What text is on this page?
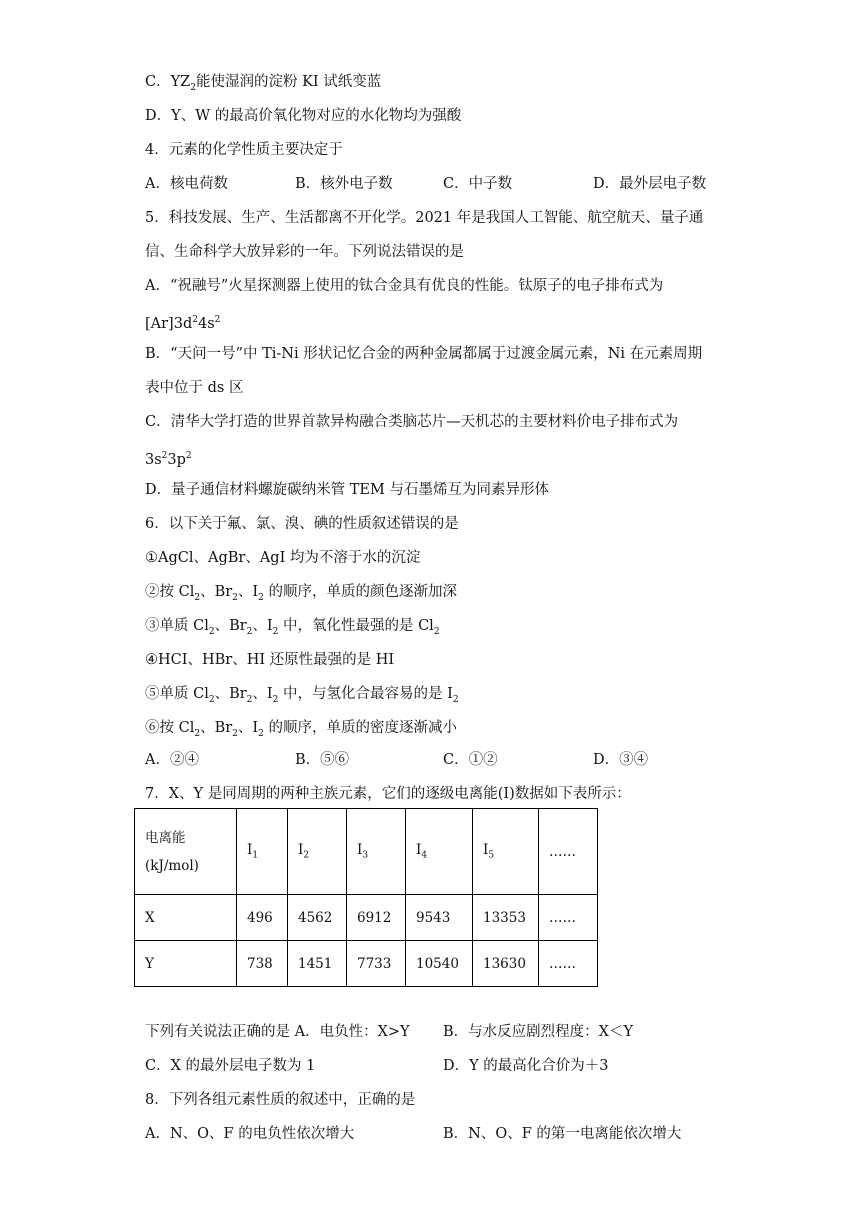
C．$YZ_2$能使湿润的淀粉 KI 试纸变蓝
D．Y、W 的最高价氧化物对应的水化物均为强酸
4．元素的化学性质主要决定于
A．核电荷数	B．核外电子数	C．中子数	D．最外层电子数
5．科技发展、生产、生活都离不开化学。2021 年是我国人工智能、航空航天、量子通
信、生命科学大放异彩的一年。下列说法错误的是
A．“祝融号”火星探测器上使用的钛合金具有优良的性能。钛原子的电子排布式为
$[Ar]3d^24s^2$
B．“天问一号”中 Ti-Ni 形状记忆合金的两种金属都属于过渡金属元素，Ni 在元素周期
表中位于 ds 区
C．清华大学打造的世界首款异构融合类脑芯片—天机芯的主要材料价电子排布式为
$3s^23p^2$
D．量子通信材料螺旋碳纳米管 TEM 与石墨烯互为同素异形体
6．以下关于氟、氯、溴、碘的性质叙述错误的是
①AgCl、AgBr、AgI 均为不溶于水的沉淀
②按 $Cl_2$、$Br_2$、$I_2$ 的顺序，单质的颜色逐渐加深
③单质 $Cl_2$、$Br_2$、$I_2$ 中，氧化性最强的是 $Cl_2$
④HCI、HBr、HI 还原性最强的是 HI
⑤单质 $Cl_2$、$Br_2$、$I_2$ 中，与氢化合最容易的是 $I_2$
⑥按 $Cl_2$、$Br_2$、$I_2$ 的顺序，单质的密度逐渐减小
A．②④	B．⑤⑥	C．①②	D．③④
7．X、Y 是同周期的两种主族元素，它们的逐级电离能(I)数据如下表所示：
电离能
(kJ/mol)	$I_1$	$I_2$	$I_3$	$I_4$	$I_5$	……
X	496	4562	6912	9543	13353	……
Y	738	1451	7733	10540	13630	……
下列有关说法正确的是 A．电负性：X>Y B．与水反应剧烈程度：X＜Y
C．X 的最外层电子数为 1	D．Y 的最高化合价为＋3
8．下列各组元素性质的叙述中，正确的是
A．N、O、F 的电负性依次增大	B．N、O、F 的第一电离能依次增大
